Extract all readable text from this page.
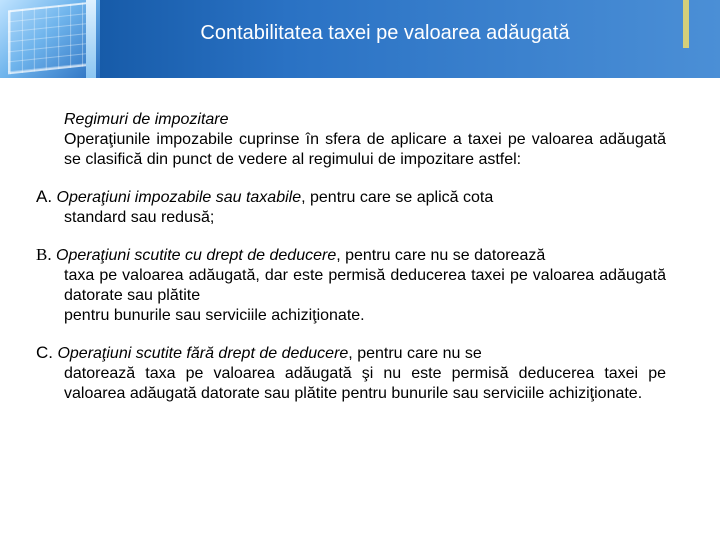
Contabilitatea taxei pe valoarea adăugată
Regimuri de impozitare
Operaţiunile impozabile cuprinse în sfera de aplicare a taxei pe valoarea adăugată se clasifică din punct de vedere al regimului de impozitare astfel:
A. Operaţiuni impozabile sau taxabile, pentru care se aplică cota
standard sau redusă;
B. Operaţiuni scutite cu drept de deducere, pentru care nu se datorează
taxa pe valoarea adăugată, dar este permisă deducerea taxei pe valoarea adăugată datorate sau plătite
pentru bunurile sau serviciile achiziţionate.
C. Operaţiuni scutite fără drept de deducere, pentru care nu se
datorează taxa pe valoarea adăugată şi nu este permisă deducerea taxei pe valoarea adăugată datorate sau plătite pentru bunurile sau serviciile achiziţionate.
